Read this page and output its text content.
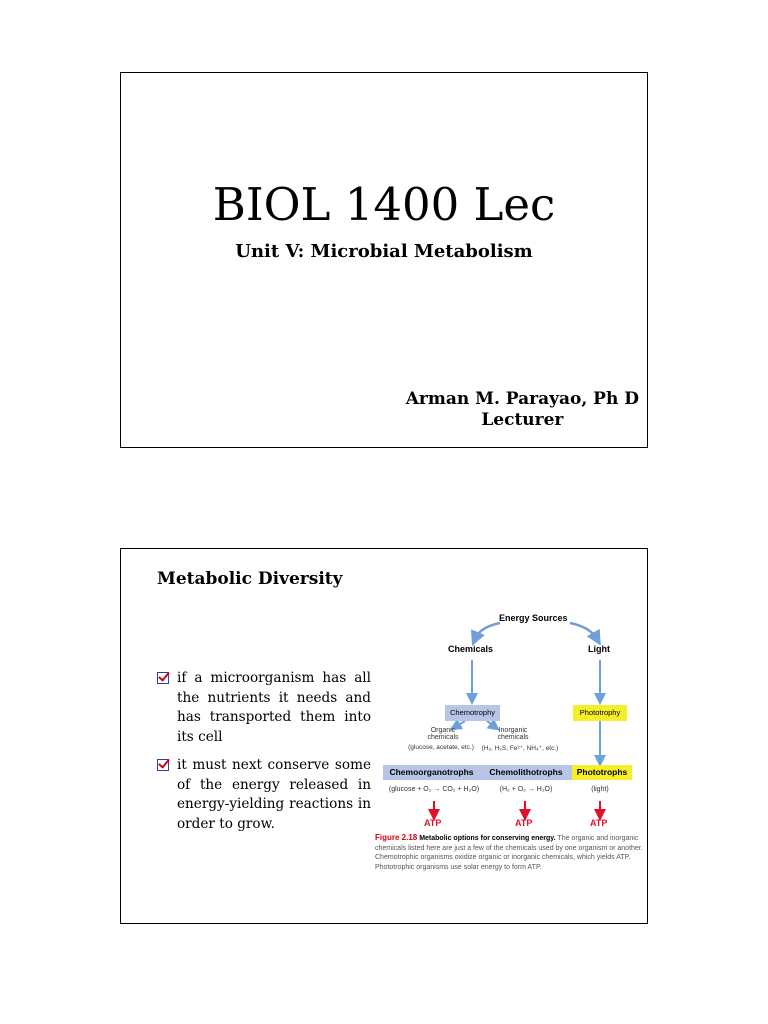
BIOL 1400 Lec
Unit V: Microbial Metabolism
Arman M. Parayao, Ph D
Lecturer
Metabolic Diversity
if a microorganism has all the nutrients it needs and has transported them into its cell
it must next conserve some of the energy released in energy-yielding reactions in order to grow.
Energy Sources
Chemicals	Light
Chemotrophy	Phototrophy
Organic
chemicals
(glucose, acetate, etc.)
Inorganic
chemicals
(H₂, H₂S, Fe²⁺, NH₄⁺, etc.)
Chemoorganotrophs	Chemolithotrophs	Phototrophs
(glucose + O₂ → CO₂ + H₂O)	(H₂ + O₂ → H₂O)	(light)
ATP	ATP	ATP
Figure 2.18 Metabolic options for conserving energy. The organic and inorganic chemicals listed here are just a few of the chemicals used by one organism or another. Chemotrophic organisms oxidize organic or inorganic chemicals, which yields ATP. Phototrophic organisms use solar energy to form ATP.
